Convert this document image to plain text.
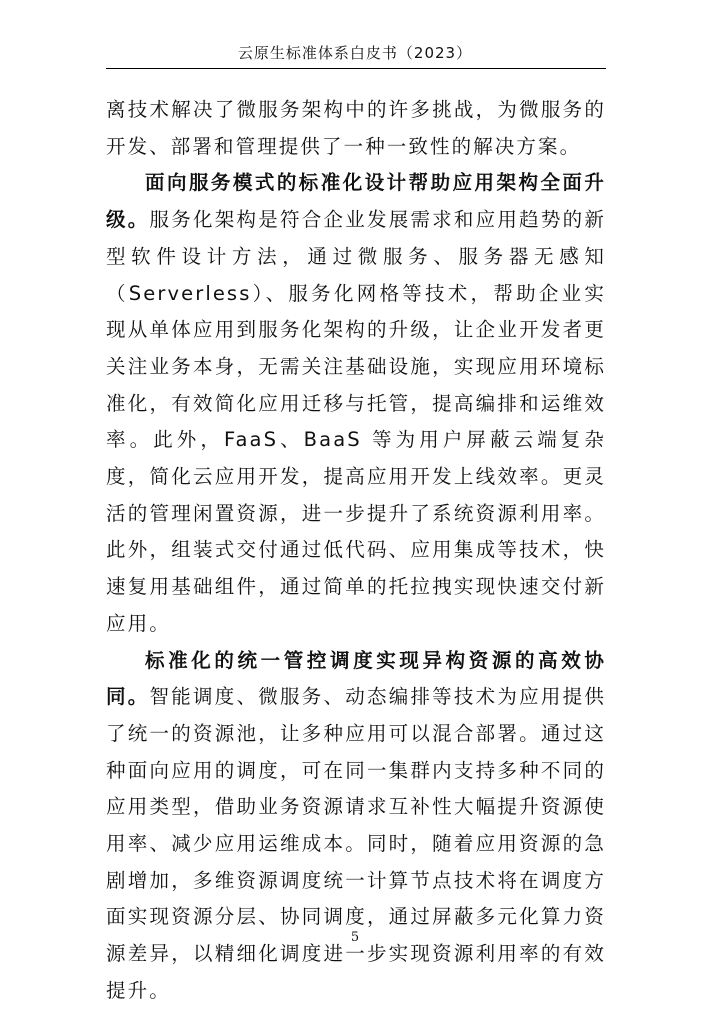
云原生标准体系白皮书（2023）

离技术解决了微服务架构中的许多挑战，为微服务的开发、部署和管理提供了一种一致性的解决方案。

面向服务模式的标准化设计帮助应用架构全面升级。服务化架构是符合企业发展需求和应用趋势的新型软件设计方法，通过微服务、服务器无感知（Serverless）、服务化网格等技术，帮助企业实现从单体应用到服务化架构的升级，让企业开发者更关注业务本身，无需关注基础设施，实现应用环境标准化，有效简化应用迁移与托管，提高编排和运维效率。此外，FaaS、BaaS 等为用户屏蔽云端复杂度，简化云应用开发，提高应用开发上线效率。更灵活的管理闲置资源，进一步提升了系统资源利用率。此外，组装式交付通过低代码、应用集成等技术，快速复用基础组件，通过简单的托拉拽实现快速交付新应用。

标准化的统一管控调度实现异构资源的高效协同。智能调度、微服务、动态编排等技术为应用提供了统一的资源池，让多种应用可以混合部署。通过这种面向应用的调度，可在同一集群内支持多种不同的应用类型，借助业务资源请求互补性大幅提升资源使用率、减少应用运维成本。同时，随着应用资源的急剧增加，多维资源调度统一计算节点技术将在调度方面实现资源分层、协同调度，通过屏蔽多元化算力资源差异，以精细化调度进一步实现资源利用率的有效提升。

5
